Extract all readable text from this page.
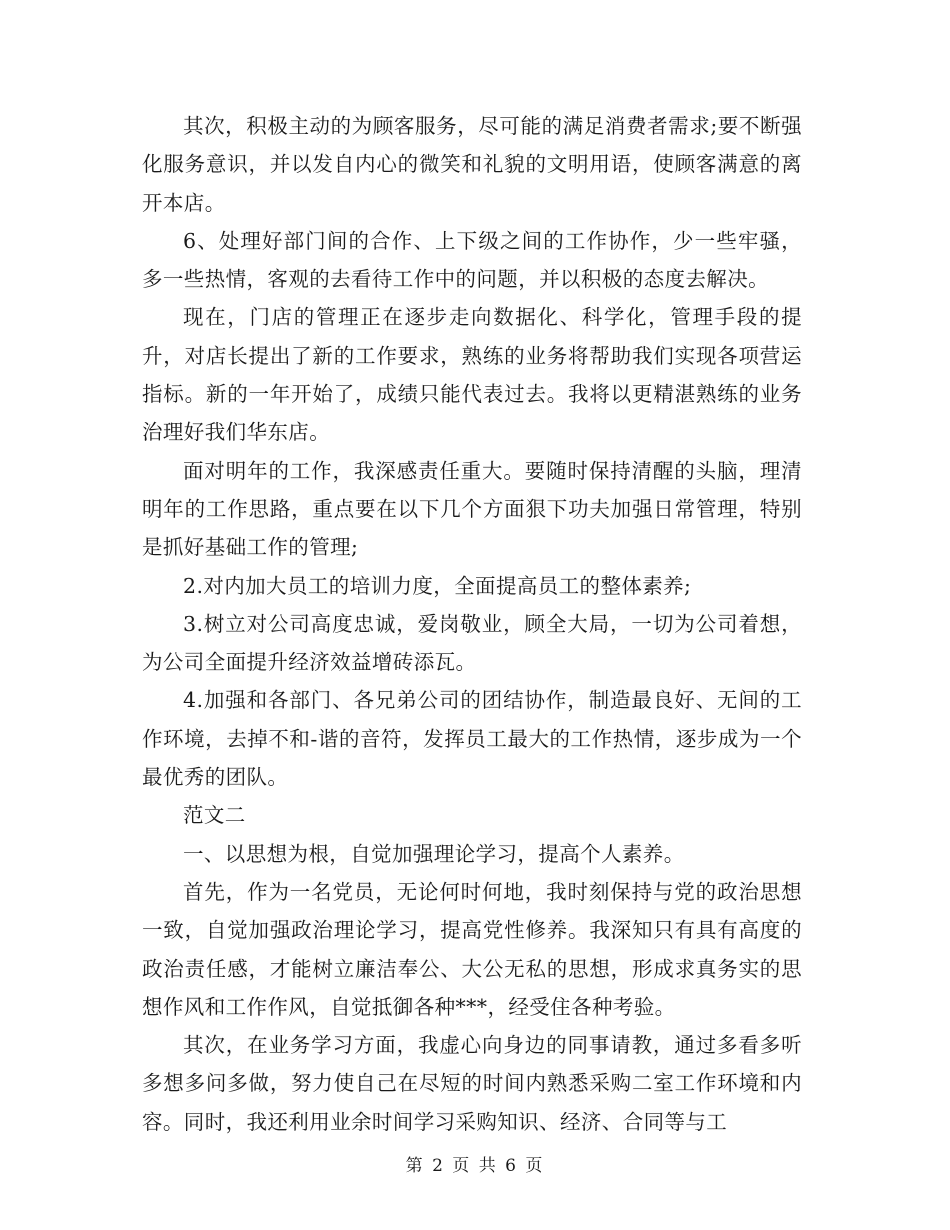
其次，积极主动的为顾客服务，尽可能的满足消费者需求;要不断强化服务意识，并以发自内心的微笑和礼貌的文明用语，使顾客满意的离开本店。

6、处理好部门间的合作、上下级之间的工作协作，少一些牢骚，多一些热情，客观的去看待工作中的问题，并以积极的态度去解决。

现在，门店的管理正在逐步走向数据化、科学化，管理手段的提升，对店长提出了新的工作要求，熟练的业务将帮助我们实现各项营运指标。新的一年开始了，成绩只能代表过去。我将以更精湛熟练的业务治理好我们华东店。

面对明年的工作，我深感责任重大。要随时保持清醒的头脑，理清明年的工作思路，重点要在以下几个方面狠下功夫加强日常管理，特别是抓好基础工作的管理;

2.对内加大员工的培训力度，全面提高员工的整体素养;

3.树立对公司高度忠诚，爱岗敬业，顾全大局，一切为公司着想，为公司全面提升经济效益增砖添瓦。

4.加强和各部门、各兄弟公司的团结协作，制造最良好、无间的工作环境，去掉不和-谐的音符，发挥员工最大的工作热情，逐步成为一个最优秀的团队。

范文二

一、以思想为根，自觉加强理论学习，提高个人素养。

首先，作为一名党员，无论何时何地，我时刻保持与党的政治思想一致，自觉加强政治理论学习，提高党性修养。我深知只有具有高度的政治责任感，才能树立廉洁奉公、大公无私的思想，形成求真务实的思想作风和工作作风，自觉抵御各种***，经受住各种考验。

其次，在业务学习方面，我虚心向身边的同事请教，通过多看多听多想多问多做，努力使自己在尽短的时间内熟悉采购二室工作环境和内容。同时，我还利用业余时间学习采购知识、经济、合同等与工

第 2 页 共 6 页
